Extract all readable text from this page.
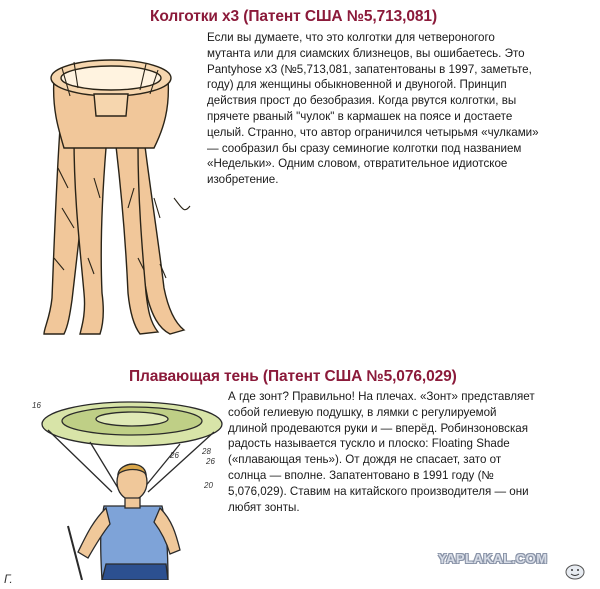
Колготки х3 (Патент США №5,713,081)
Если вы думаете, что это колготки для четвероногого
мутанта или для сиамских близнецов, вы ошибаетесь. Это
Pantyhose x3 (№5,713,081, запатентованы в 1997, заметьте,
году) для женщины обыкновенной и двуногой. Принцип
действия прост до безобразия. Когда рвутся колготки, вы
прячете рваный "чулок" в кармашек на поясе и достаете
целый. Странно, что автор ограничился четырьмя «чулками»
— сообразил бы сразу семиногие колготки под названием
«Недельки». Одним словом, отвратительное идиотское
изобретение.
Плавающая тень (Патент США №5,076,029)
16
26	28
26
20
А где зонт? Правильно! На плечах. «Зонт» представляет
собой гелиевую подушку, в лямки с регулируемой
длиной продеваются руки и — вперёд. Робинзоновская
радость называется тускло и плоско: Floating Shade
(«плавающая тень»). От дождя не спасает, зато от
солнца — вполне. Запатентовано в 1991 году (№
5,076,029). Ставим на китайского производителя — они
любят зонты.
YAPLAKAL.COM
Г.
